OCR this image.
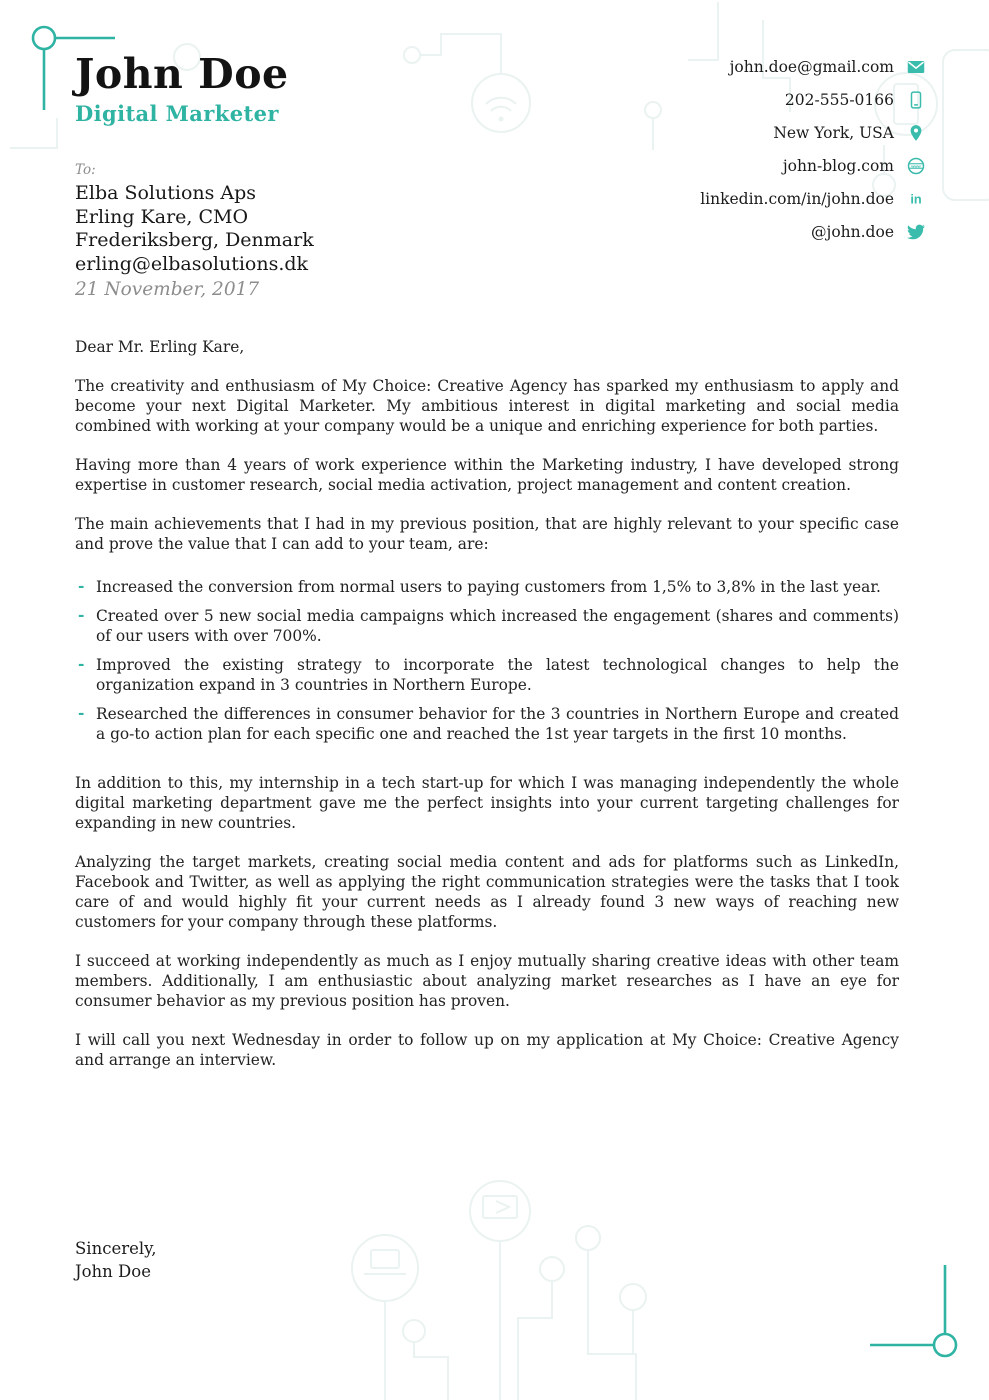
John Doe
Digital Marketer
john.doe@gmail.com
202-555-0166
New York, USA
john-blog.com	www
linkedin.com/in/john.doe in
@john.doe
To:
Elba Solutions Aps
Erling Kare, CMO
Frederiksberg, Denmark
erling@elbasolutions.dk
21 November, 2017

Dear Mr. Erling Kare,

The creativity and enthusiasm of My Choice: Creative Agency has sparked my enthusiasm to apply and become your next Digital Marketer. My ambitious interest in digital marketing and social media combined with working at your company would be a unique and enriching experience for both parties.

Having more than 4 years of work experience within the Marketing industry, I have developed strong expertise in customer research, social media activation, project management and content creation.

The main achievements that I had in my previous position, that are highly relevant to your specific case and prove the value that I can add to your team, are:

- Increased the conversion from normal users to paying customers from 1,5% to 3,8% in the last year.
- Created over 5 new social media campaigns which increased the engagement (shares and comments) of our users with over 700%.
- Improved the existing strategy to incorporate the latest technological changes to help the organization expand in 3 countries in Northern Europe.
- Researched the differences in consumer behavior for the 3 countries in Northern Europe and created a go-to action plan for each specific one and reached the 1st year targets in the first 10 months.

In addition to this, my internship in a tech start-up for which I was managing independently the whole digital marketing department gave me the perfect insights into your current targeting challenges for expanding in new countries.

Analyzing the target markets, creating social media content and ads for platforms such as LinkedIn, Facebook and Twitter, as well as applying the right communication strategies were the tasks that I took care of and would highly fit your current needs as I already found 3 new ways of reaching new customers for your company through these platforms.

I succeed at working independently as much as I enjoy mutually sharing creative ideas with other team members. Additionally, I am enthusiastic about analyzing market researches as I have an eye for consumer behavior as my previous position has proven.

I will call you next Wednesday in order to follow up on my application at My Choice: Creative Agency and arrange an interview.

Sincerely,
John Doe
